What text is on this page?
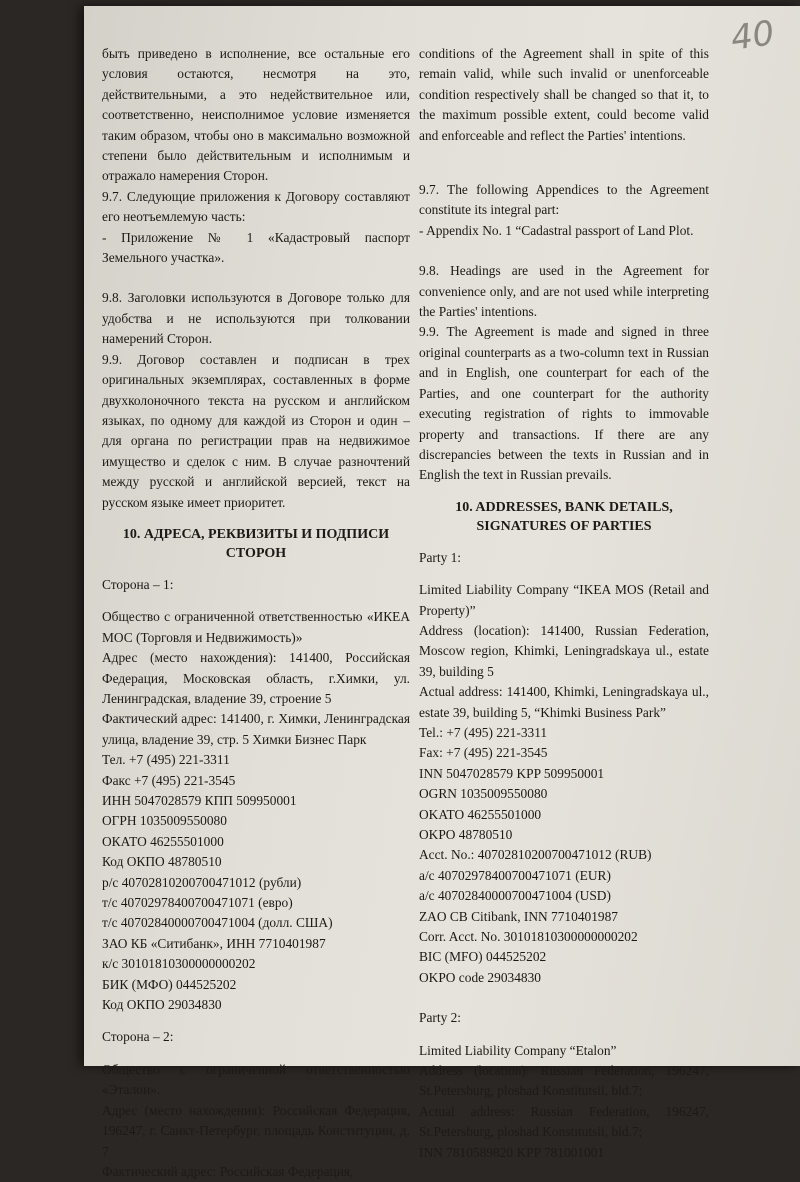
40

быть приведено в исполнение, все остальные его условия остаются, несмотря на это, действительными, а это недействительное или, соответственно, неисполнимое условие изменяется таким образом, чтобы оно в максимально возможной степени было действительным и исполнимым и отражало намерения Сторон.

9.7. Следующие приложения к Договору составляют его неотъемлемую часть:

- Приложение № 1 «Кадастровый паспорт Земельного участка».

9.8. Заголовки используются в Договоре только для удобства и не используются при толковании намерений Сторон.

9.9. Договор составлен и подписан в трех оригинальных экземплярах, составленных в форме двухколоночного текста на русском и английском языках, по одному для каждой из Сторон и один – для органа по регистрации прав на недвижимое имущество и сделок с ним. В случае разночтений между русской и английской версией, текст на русском языке имеет приоритет.

10. АДРЕСА, РЕКВИЗИТЫ И ПОДПИСИ СТОРОН

Сторона – 1:

Общество с ограниченной ответственностью «ИКЕА МОС (Торговля и Недвижимость)»

Адрес (место нахождения): 141400, Российская Федерация, Московская область, г.Химки, ул. Ленинградская, владение 39, строение 5

Фактический адрес: 141400, г. Химки, Ленинградская улица, владение 39, стр. 5 Химки Бизнес Парк

Тел. +7 (495) 221-3311

Факс +7 (495) 221-3545

ИНН 5047028579 КПП 509950001

ОГРН 1035009550080

ОКАТО 46255501000

Код ОКПО 48780510

р/с 40702810200700471012 (рубли)

т/с 40702978400700471071 (евро)

т/с 40702840000700471004 (долл. США)

ЗАО КБ «Ситибанк», ИНН 7710401987

к/с 30101810300000000202

БИК (МФО) 044525202

Код ОКПО 29034830

Сторона – 2:

Общество с ограниченной ответственностью «Эталон».

Адрес (место нахождения): Российская Федерация, 196247, г. Санкт-Петербург, площадь Конституции, д. 7

Фактический адрес: Российская Федерация,

conditions of the Agreement shall in spite of this remain valid, while such invalid or unenforceable condition respectively shall be changed so that it, to the maximum possible extent, could become valid and enforceable and reflect the Parties' intentions.

9.7. The following Appendices to the Agreement constitute its integral part:

- Appendix No. 1 “Cadastral passport of Land Plot.

9.8. Headings are used in the Agreement for convenience only, and are not used while interpreting the Parties' intentions.

9.9. The Agreement is made and signed in three original counterparts as a two-column text in Russian and in English, one counterpart for each of the Parties, and one counterpart for the authority executing registration of rights to immovable property and transactions. If there are any discrepancies between the texts in Russian and in English the text in Russian prevails.

10. ADDRESSES, BANK DETAILS, SIGNATURES OF PARTIES

Party 1:

Limited Liability Company “IKEA MOS (Retail and Property)”

Address (location): 141400, Russian Federation, Moscow region, Khimki, Leningradskaya ul., estate 39, building 5

Actual address: 141400, Khimki, Leningradskaya ul., estate 39, building 5, “Khimki Business Park”

Tel.: +7 (495) 221-3311

Fax: +7 (495) 221-3545

INN 5047028579 KPP 509950001

OGRN 1035009550080

OKATO 46255501000

OKPO 48780510

Acct. No.: 40702810200700471012 (RUB)

a/c 40702978400700471071 (EUR)

a/c 40702840000700471004 (USD)

ZAO CB Citibank, INN 7710401987

Corr. Acct. No. 30101810300000000202

BIC (MFO) 044525202

OKPO code 29034830

Party 2:

Limited Liability Company “Etalon”

Address (location): Russian Federation, 196247, St.Petersburg, ploshad Konstitutsii, bld.7;

Actual address: Russian Federation, 196247, St.Petersburg, ploshad Konstitutsii, bld.7;

INN 7810589820 KPP 781001001
